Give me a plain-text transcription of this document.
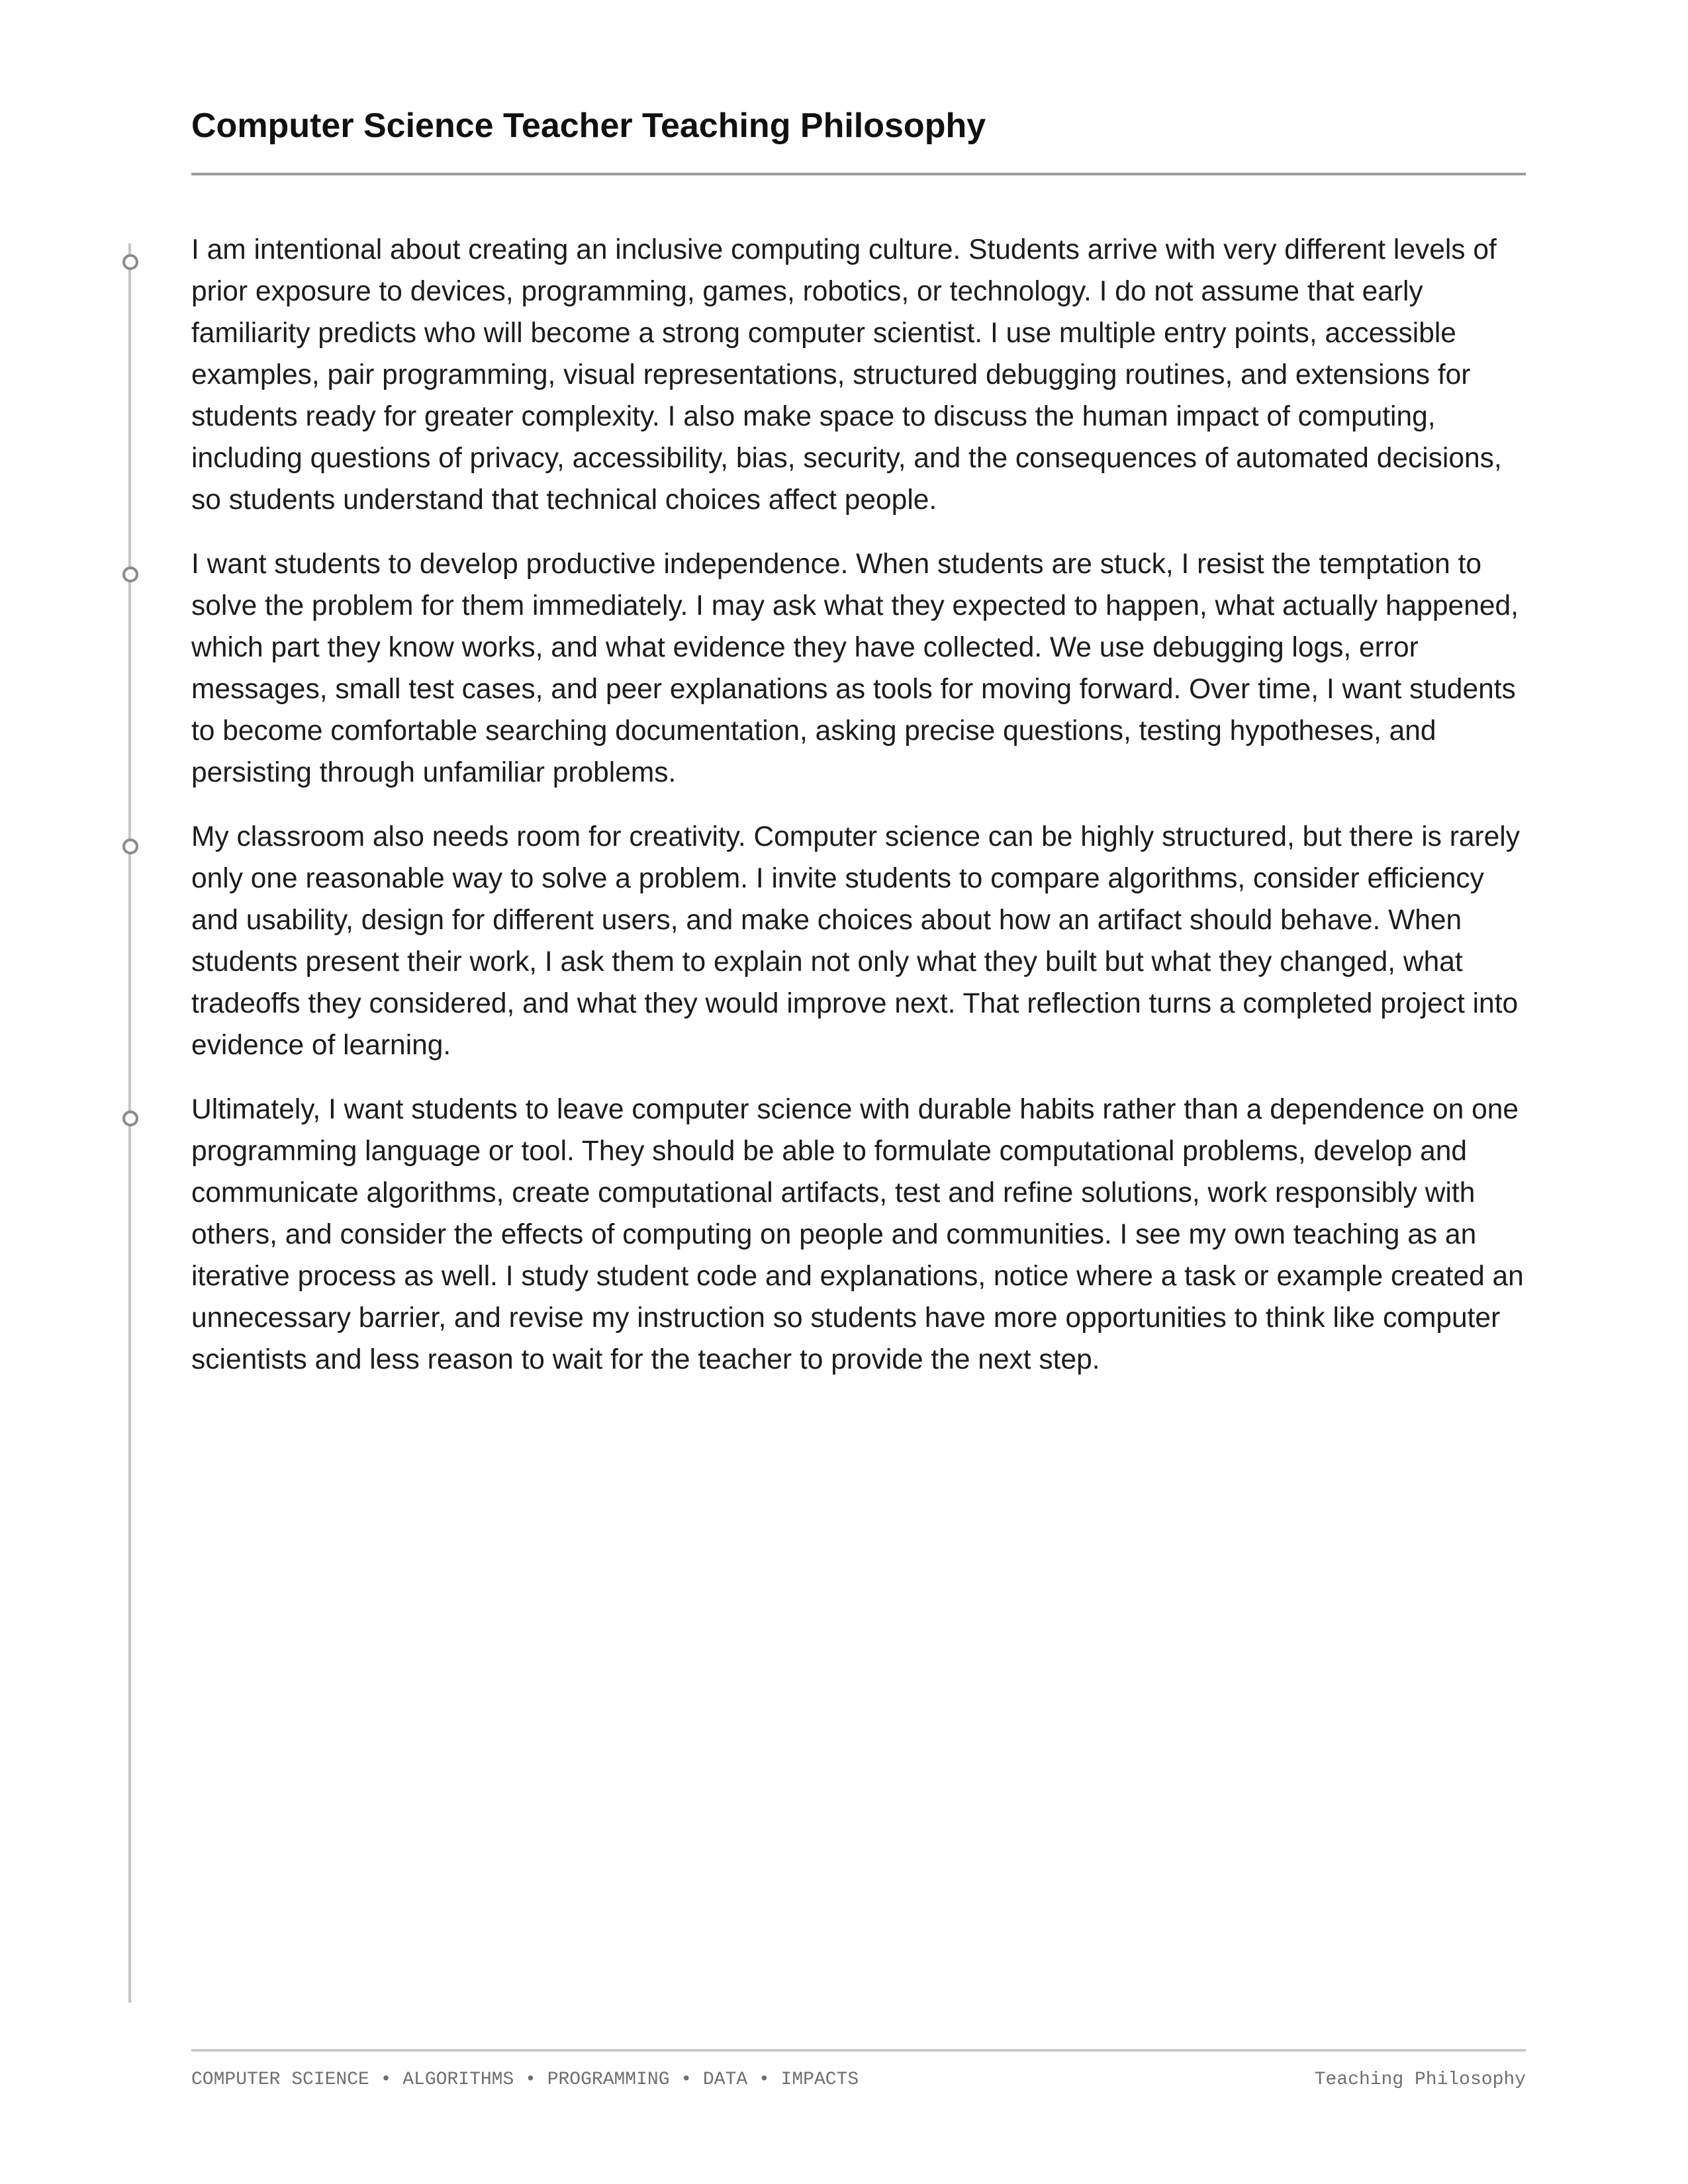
Computer Science Teacher Teaching Philosophy

I am intentional about creating an inclusive computing culture. Students arrive with very different levels of prior exposure to devices, programming, games, robotics, or technology. I do not assume that early familiarity predicts who will become a strong computer scientist. I use multiple entry points, accessible examples, pair programming, visual representations, structured debugging routines, and extensions for students ready for greater complexity. I also make space to discuss the human impact of computing, including questions of privacy, accessibility, bias, security, and the consequences of automated decisions, so students understand that technical choices affect people.

I want students to develop productive independence. When students are stuck, I resist the temptation to solve the problem for them immediately. I may ask what they expected to happen, what actually happened, which part they know works, and what evidence they have collected. We use debugging logs, error messages, small test cases, and peer explanations as tools for moving forward. Over time, I want students to become comfortable searching documentation, asking precise questions, testing hypotheses, and persisting through unfamiliar problems.

My classroom also needs room for creativity. Computer science can be highly structured, but there is rarely only one reasonable way to solve a problem. I invite students to compare algorithms, consider efficiency and usability, design for different users, and make choices about how an artifact should behave. When students present their work, I ask them to explain not only what they built but what they changed, what tradeoffs they considered, and what they would improve next. That reflection turns a completed project into evidence of learning.

Ultimately, I want students to leave computer science with durable habits rather than a dependence on one programming language or tool. They should be able to formulate computational problems, develop and communicate algorithms, create computational artifacts, test and refine solutions, work responsibly with others, and consider the effects of computing on people and communities. I see my own teaching as an iterative process as well. I study student code and explanations, notice where a task or example created an unnecessary barrier, and revise my instruction so students have more opportunities to think like computer scientists and less reason to wait for the teacher to provide the next step.

COMPUTER SCIENCE • ALGORITHMS • PROGRAMMING • DATA • IMPACTS	Teaching Philosophy
